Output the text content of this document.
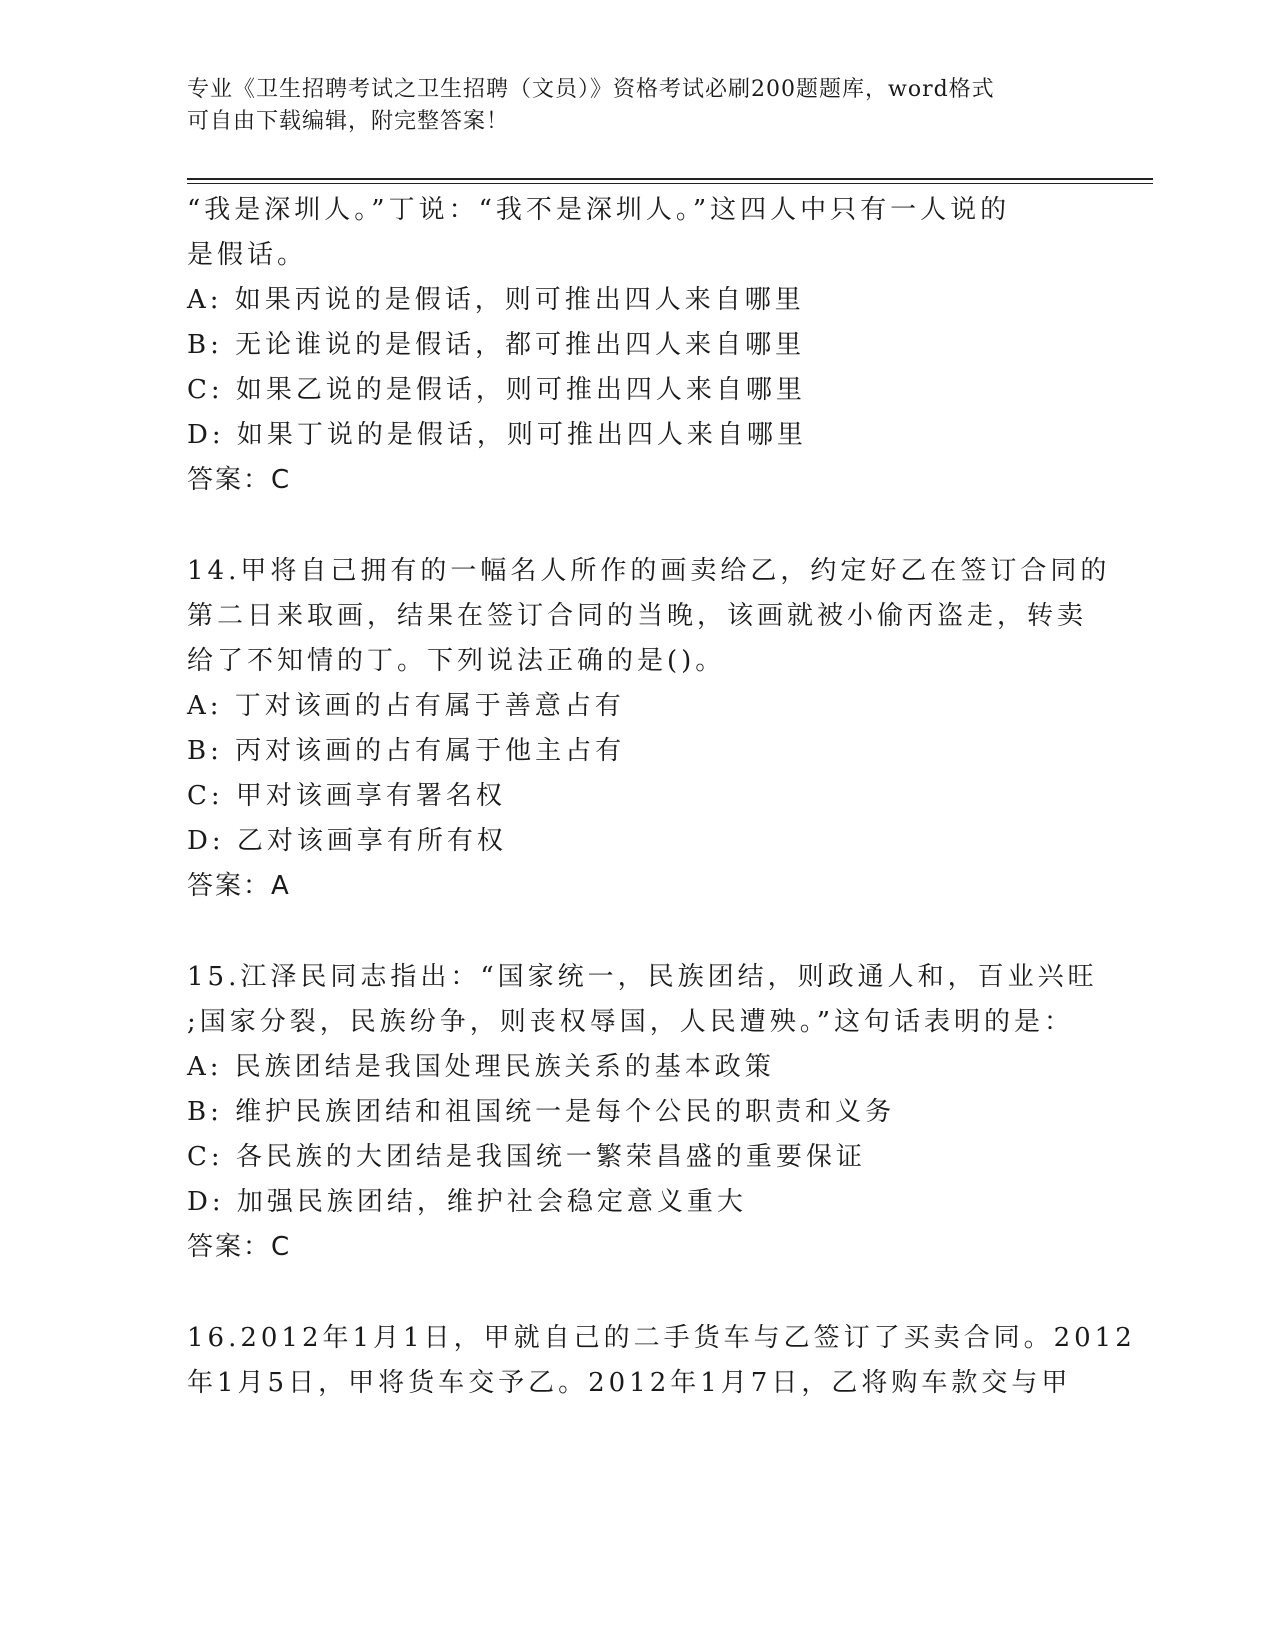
专业《卫生招聘考试之卫生招聘（文员）》资格考试必刷200题题库，word格式
可自由下载编辑，附完整答案！
“我是深圳人。”丁说：“我不是深圳人。”这四人中只有一人说的
是假话。
A: 如果丙说的是假话，则可推出四人来自哪里
B: 无论谁说的是假话，都可推出四人来自哪里
C: 如果乙说的是假话，则可推出四人来自哪里
D: 如果丁说的是假话，则可推出四人来自哪里
答案：C
14.甲将自己拥有的一幅名人所作的画卖给乙，约定好乙在签订合同的
第二日来取画，结果在签订合同的当晚，该画就被小偷丙盗走，转卖
给了不知情的丁。下列说法正确的是()。
A: 丁对该画的占有属于善意占有
B: 丙对该画的占有属于他主占有
C: 甲对该画享有署名权
D: 乙对该画享有所有权
答案：A
15.江泽民同志指出：“国家统一，民族团结，则政通人和，百业兴旺
;国家分裂，民族纷争，则丧权辱国，人民遭殃。”这句话表明的是：
A: 民族团结是我国处理民族关系的基本政策
B: 维护民族团结和祖国统一是每个公民的职责和义务
C: 各民族的大团结是我国统一繁荣昌盛的重要保证
D: 加强民族团结，维护社会稳定意义重大
答案：C
16.2012年1月1日，甲就自己的二手货车与乙签订了买卖合同。2012
年1月5日，甲将货车交予乙。2012年1月7日，乙将购车款交与甲
